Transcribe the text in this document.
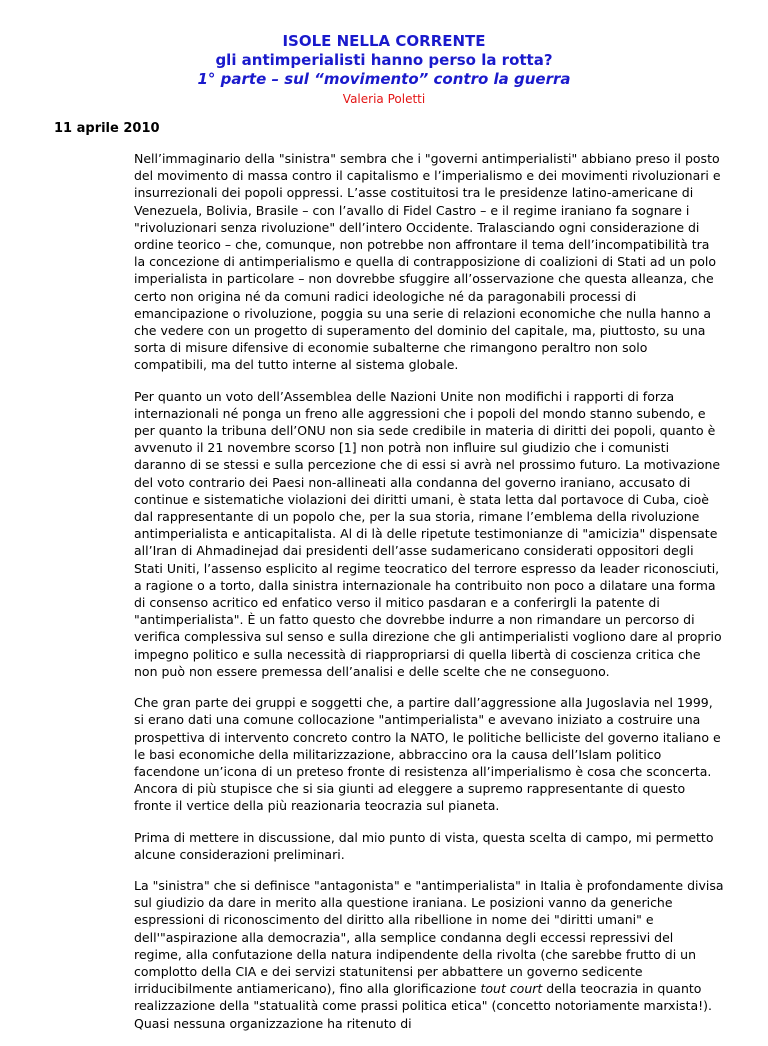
ISOLE NELLA CORRENTE
gli antimperialisti hanno perso la rotta?
1° parte – sul “movimento” contro la guerra
Valeria Poletti
11 aprile 2010

Nell’immaginario della "sinistra" sembra che i "governi antimperialisti" abbiano preso il posto del movimento di massa contro il capitalismo e l’imperialismo e dei movimenti rivoluzionari e insurrezionali dei popoli oppressi. L’asse costituitosi tra le presidenze latino-americane di Venezuela, Bolivia, Brasile – con l’avallo di Fidel Castro – e il regime iraniano fa sognare i "rivoluzionari senza rivoluzione" dell’intero Occidente. Tralasciando ogni considerazione di ordine teorico – che, comunque, non potrebbe non affrontare il tema dell’incompatibilità tra la concezione di antimperialismo e quella di contrapposizione di coalizioni di Stati ad un polo imperialista in particolare – non dovrebbe sfuggire all’osservazione che questa alleanza, che certo non origina né da comuni radici ideologiche né da paragonabili processi di emancipazione o rivoluzione, poggia su una serie di relazioni economiche che nulla hanno a che vedere con un progetto di superamento del dominio del capitale, ma, piuttosto, su una sorta di misure difensive di economie subalterne che rimangono peraltro non solo compatibili, ma del tutto interne al sistema globale.

Per quanto un voto dell’Assemblea delle Nazioni Unite non modifichi i rapporti di forza internazionali né ponga un freno alle aggressioni che i popoli del mondo stanno subendo, e per quanto la tribuna dell’ONU non sia sede credibile in materia di diritti dei popoli, quanto è avvenuto il 21 novembre scorso [1] non potrà non influire sul giudizio che i comunisti daranno di se stessi e sulla percezione che di essi si avrà nel prossimo futuro. La motivazione del voto contrario dei Paesi non-allineati alla condanna del governo iraniano, accusato di continue e sistematiche violazioni dei diritti umani, è stata letta dal portavoce di Cuba, cioè dal rappresentante di un popolo che, per la sua storia, rimane l’emblema della rivoluzione antimperialista e anticapitalista. Al di là delle ripetute testimonianze di "amicizia" dispensate all’Iran di Ahmadinejad dai presidenti dell’asse sudamericano considerati oppositori degli Stati Uniti, l’assenso esplicito al regime teocratico del terrore espresso da leader riconosciuti, a ragione o a torto, dalla sinistra internazionale ha contribuito non poco a dilatare una forma di consenso acritico ed enfatico verso il mitico pasdaran e a conferirgli la patente di "antimperialista". È un fatto questo che dovrebbe indurre a non rimandare un percorso di verifica complessiva sul senso e sulla direzione che gli antimperialisti vogliono dare al proprio impegno politico e sulla necessità di riappropriarsi di quella libertà di coscienza critica che non può non essere premessa dell’analisi e delle scelte che ne conseguono.

Che gran parte dei gruppi e soggetti che, a partire dall’aggressione alla Jugoslavia nel 1999, si erano dati una comune collocazione "antimperialista" e avevano iniziato a costruire una prospettiva di intervento concreto contro la NATO, le politiche belliciste del governo italiano e le basi economiche della militarizzazione, abbraccino ora la causa dell’Islam politico facendone un’icona di un preteso fronte di resistenza all’imperialismo è cosa che sconcerta. Ancora di più stupisce che si sia giunti ad eleggere a supremo rappresentante di questo fronte il vertice della più reazionaria teocrazia sul pianeta.

Prima di mettere in discussione, dal mio punto di vista, questa scelta di campo, mi permetto alcune considerazioni preliminari.

La "sinistra" che si definisce "antagonista" e "antimperialista" in Italia è profondamente divisa sul giudizio da dare in merito alla questione iraniana. Le posizioni vanno da generiche espressioni di riconoscimento del diritto alla ribellione in nome dei "diritti umani" e dell'"aspirazione alla democrazia", alla semplice condanna degli eccessi repressivi del regime, alla confutazione della natura indipendente della rivolta (che sarebbe frutto di un complotto della CIA e dei servizi statunitensi per abbattere un governo sedicente irriducibilmente antiamericano), fino alla glorificazione tout court della teocrazia in quanto realizzazione della "statualità come prassi politica etica" (concetto notoriamente marxista!). Quasi nessuna organizzazione ha ritenuto di
